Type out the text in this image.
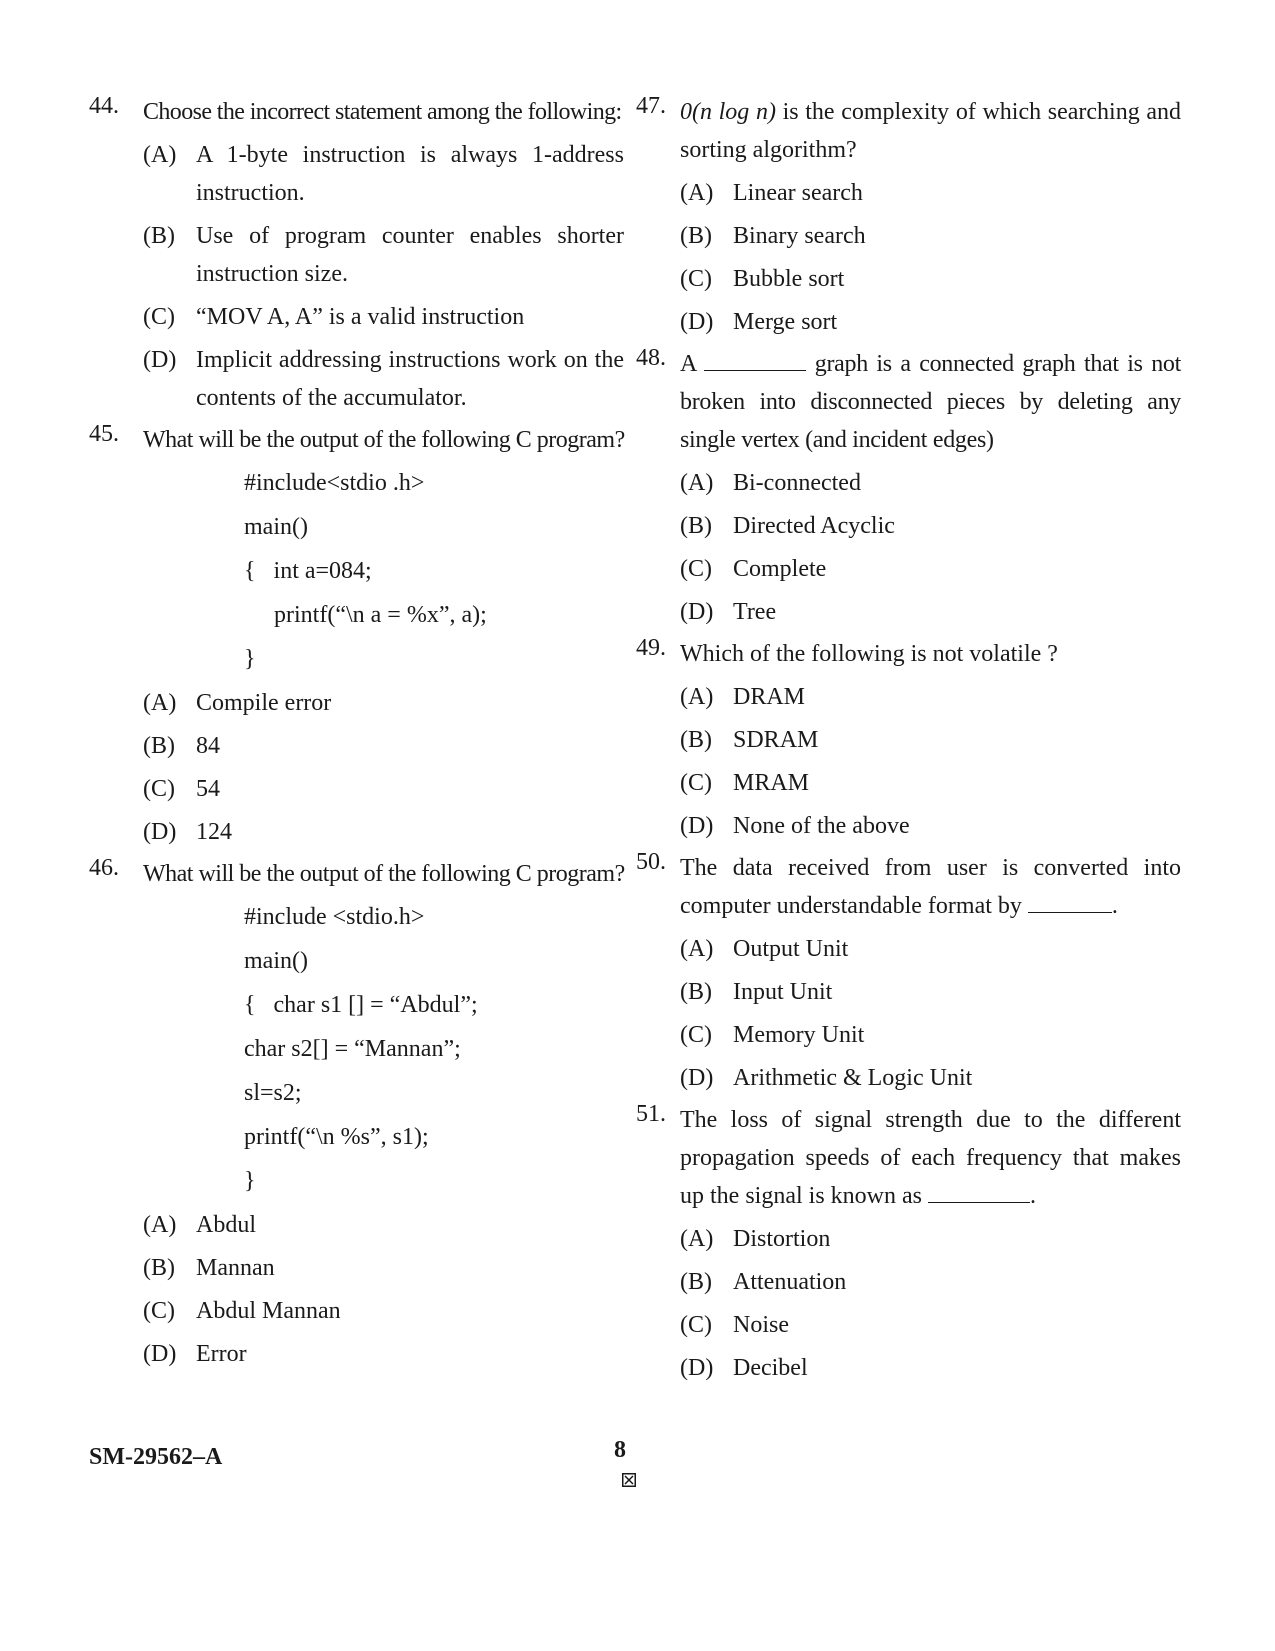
44. Choose the incorrect statement among the following:
(A) A 1-byte instruction is always 1-address instruction.
(B) Use of program counter enables shorter instruction size.
(C) “MOV A, A” is a valid instruction
(D) Implicit addressing instructions work on the contents of the accumulator.
45. What will be the output of the following C program?
#include<stdio .h>
main()
{   int a=084;
printf(“\n a = %x”, a);
}
(A) Compile error
(B) 84
(C) 54
(D) 124
46. What will be the output of the following C program?
#include <stdio.h>
main()
{   char s1 [] = “Abdul”;
char s2[] = “Mannan”;
sl=s2;
printf(“\n %s”, s1);
}
(A) Abdul
(B) Mannan
(C) Abdul Mannan
(D) Error
47. 0(n log n) is the complexity of which searching and sorting algorithm?
(A) Linear search
(B) Binary search
(C) Bubble sort
(D) Merge sort
48. A	graph is a connected graph that is not broken into disconnected pieces by deleting any single vertex (and incident edges)
(A) Bi-connected
(B) Directed Acyclic
(C) Complete
(D) Tree
49. Which of the following is not volatile ?
(A) DRAM
(B) SDRAM
(C) MRAM
(D) None of the above
50. The data received from user is converted into computer understandable format by	.
(A) Output Unit
(B) Input Unit
(C) Memory Unit
(D) Arithmetic & Logic Unit
51. The loss of signal strength due to the different propagation speeds of each frequency that makes up the signal is known as	.
(A) Distortion
(B) Attenuation
(C) Noise
(D) Decibel
SM-29562–A	8
